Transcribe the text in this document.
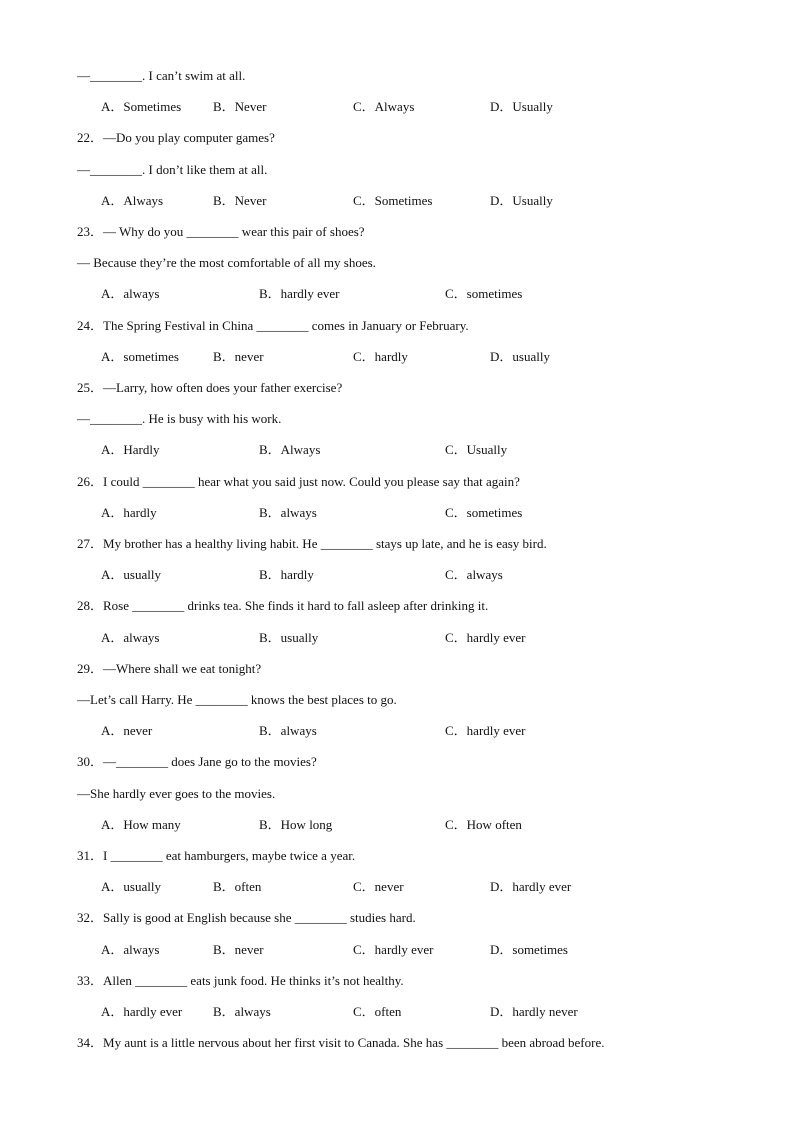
—________. I can’t swim at all.
A．Sometimes B．Never	C．Always	D．Usually
22．—Do you play computer games?
—________. I don’t like them at all.
A．Always	B．Never	C．Sometimes	D．Usually
23．— Why do you ________ wear this pair of shoes?
— Because they’re the most comfortable of all my shoes.
A．always	B．hardly ever	C．sometimes
24．The Spring Festival in China ________ comes in January or February.
A．sometimes	B．never	C．hardly	D．usually
25．—Larry, how often does your father exercise?
—________. He is busy with his work.
A．Hardly	B．Always	C．Usually
26．I could ________ hear what you said just now. Could you please say that again?
A．hardly	B．always	C．sometimes
27．My brother has a healthy living habit. He ________ stays up late, and he is easy bird.
A．usually	B．hardly	C．always
28．Rose ________ drinks tea. She finds it hard to fall asleep after drinking it.
A．always	B．usually	C．hardly ever
29．—Where shall we eat tonight?
—Let’s call Harry. He ________ knows the best places to go.
A．never	B．always	C．hardly ever
30．—________ does Jane go to the movies?
—She hardly ever goes to the movies.
A．How many	B．How long	C．How often
31．I ________ eat hamburgers, maybe twice a year.
A．usually	B．often	C．never	D．hardly ever
32．Sally is good at English because she ________ studies hard.
A．always	B．never	C．hardly ever	D．sometimes
33．Allen ________ eats junk food. He thinks it’s not healthy.
A．hardly ever B．always	C．often	D．hardly never
34．My aunt is a little nervous about her first visit to Canada. She has ________ been abroad before.
